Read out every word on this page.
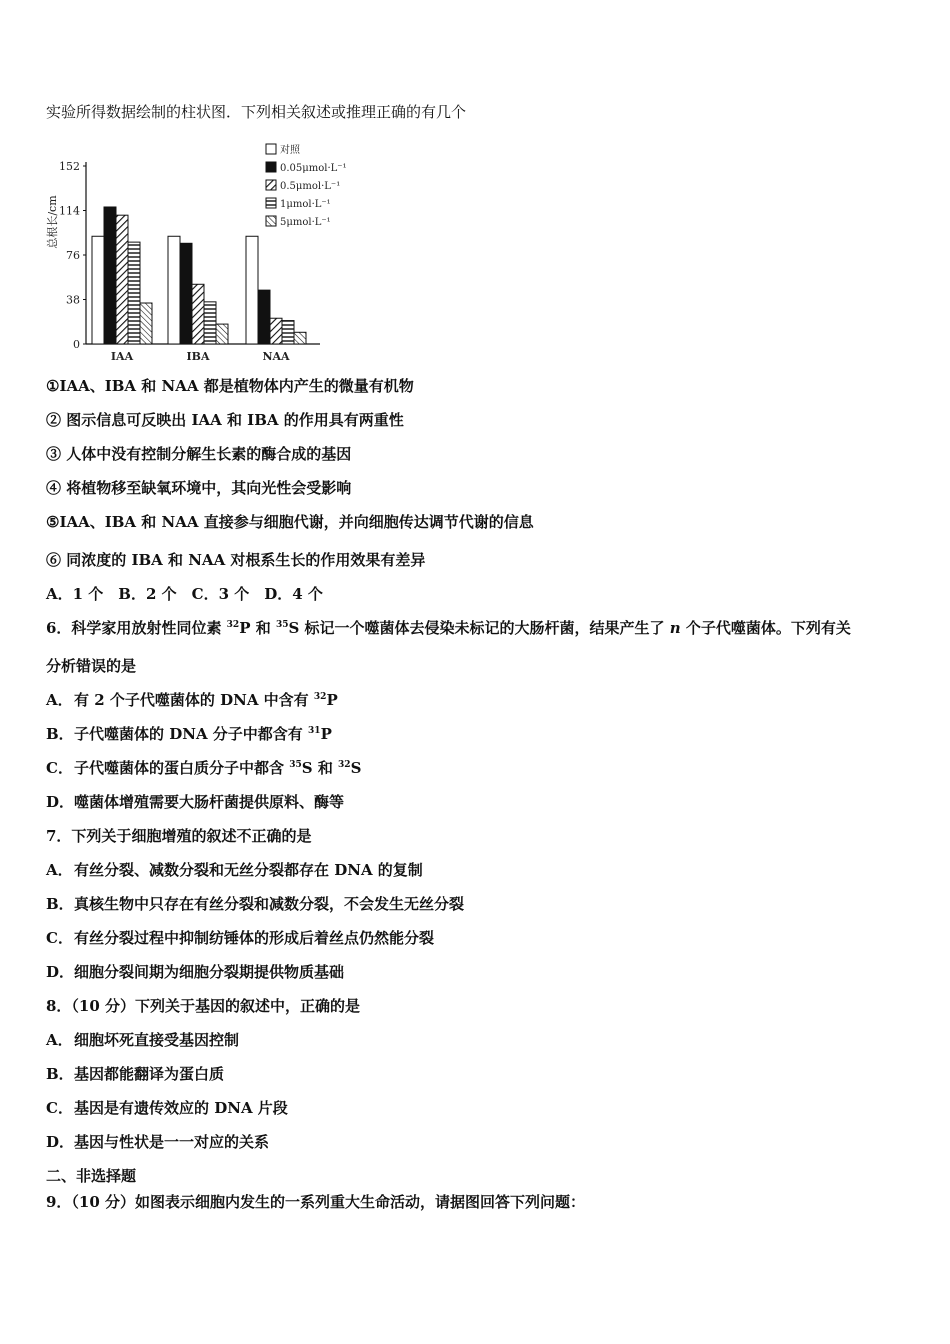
实验所得数据绘制的柱状图．下列相关叙述或推理正确的有几个
总根长/cm
0
38
76
114
152
IAA	IBA	NAA
对照
0.05μmol·L⁻¹
0.5μmol·L⁻¹
1μmol·L⁻¹
5μmol·L⁻¹
①IAA、IBA 和 NAA 都是植物体内产生的微量有机物
② 图示信息可反映出 IAA 和 IBA 的作用具有两重性
③ 人体中没有控制分解生长素的酶合成的基因
④ 将植物移至缺氧环境中，其向光性会受影响
⑤IAA、IBA 和 NAA 直接参与细胞代谢，并向细胞传达调节代谢的信息
⑥ 同浓度的 IBA 和 NAA 对根系生长的作用效果有差异
A．1 个　B．2 个　C．3 个　D．4 个
6．科学家用放射性同位素 $^{32}$P 和 $^{35}$S 标记一个噬菌体去侵染未标记的大肠杆菌，结果产生了 n 个子代噬菌体。下列有关
分析错误的是
A．有 2 个子代噬菌体的 DNA 中含有 $^{32}$P
B．子代噬菌体的 DNA 分子中都含有 $^{31}$P
C．子代噬菌体的蛋白质分子中都含 $^{35}$S 和 $^{32}$S
D．噬菌体增殖需要大肠杆菌提供原料、酶等
7．下列关于细胞增殖的叙述不正确的是
A．有丝分裂、减数分裂和无丝分裂都存在 DNA 的复制
B．真核生物中只存在有丝分裂和减数分裂，不会发生无丝分裂
C．有丝分裂过程中抑制纺锤体的形成后着丝点仍然能分裂
D．细胞分裂间期为细胞分裂期提供物质基础
8．（10 分）下列关于基因的叙述中，正确的是
A．细胞坏死直接受基因控制
B．基因都能翻译为蛋白质
C．基因是有遗传效应的 DNA 片段
D．基因与性状是一一对应的关系
二、非选择题
9．（10 分）如图表示细胞内发生的一系列重大生命活动，请据图回答下列问题：
